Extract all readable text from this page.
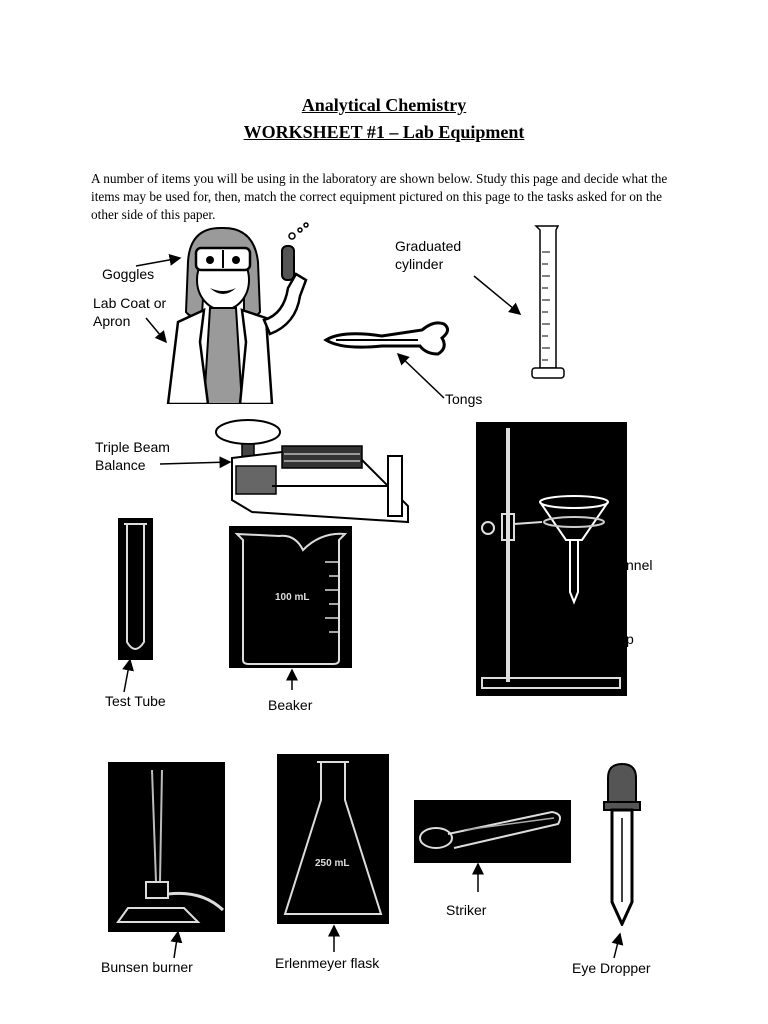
Analytical Chemistry
WORKSHEET #1 – Lab Equipment
A number of items you will be using in the laboratory are shown below. Study this page and decide what the items may be used for, then, match the correct equipment pictured on this page to the tasks asked for on the other side of this paper.
nnel
p
100 mL
250 mL
Goggles
Lab Coat or
Apron
Graduated
cylinder
Tongs
Triple Beam
Balance
Test Tube	Beaker
Bunsen burner	Erlenmeyer flask
Striker
Eye Dropper
